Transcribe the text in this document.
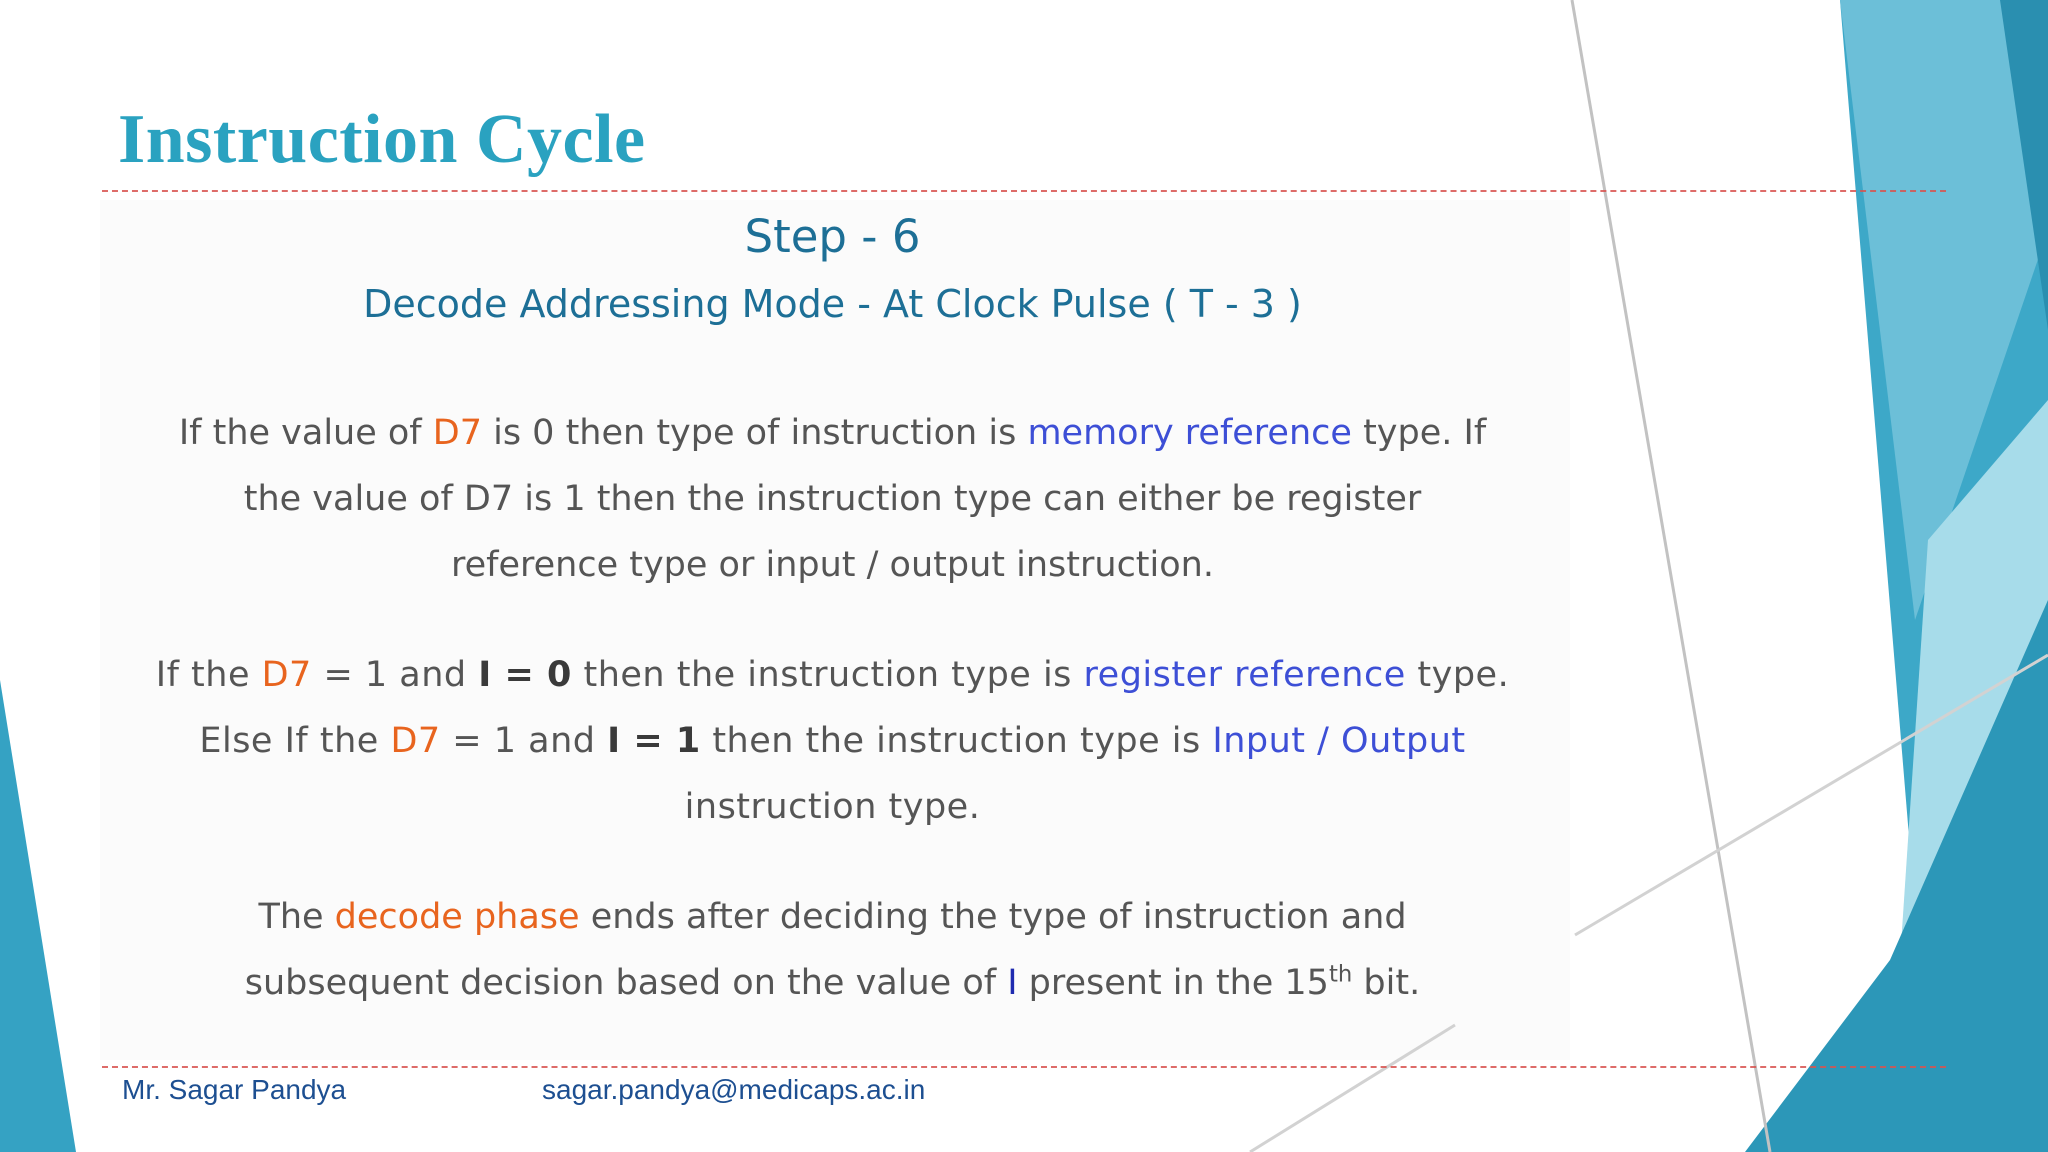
Instruction Cycle
Step - 6
Decode Addressing Mode - At Clock Pulse ( T - 3 )

If the value of D7 is 0 then type of instruction is memory reference type. If
the value of D7 is 1 then the instruction type can either be register
reference type or input / output instruction.

If the D7 = 1 and I = 0 then the instruction type is register reference type.
Else If the D7 = 1 and I = 1 then the instruction type is Input / Output
instruction type.

The decode phase ends after deciding the type of instruction and
subsequent decision based on the value of I present in the 15th bit.

Mr. Sagar Pandya	sagar.pandya@medicaps.ac.in
